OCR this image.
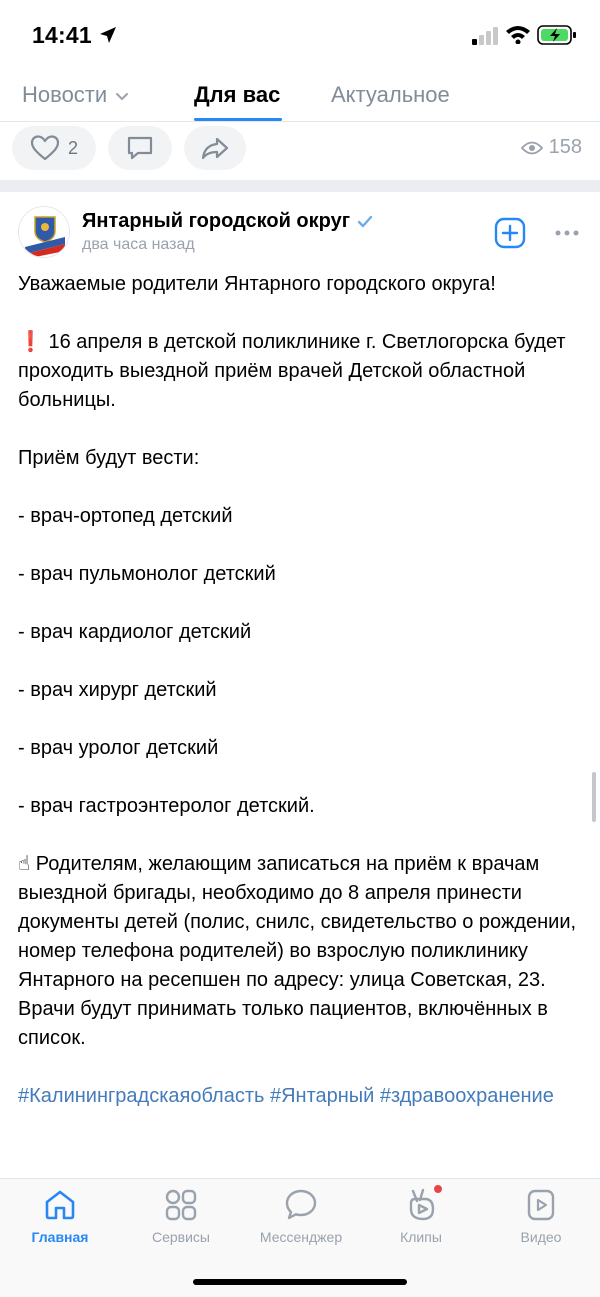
14:41
Новости	Для вас Актуальное
2	158
Янтарный городской округ
два часа назад

Уважаемые родители Янтарного городского округа!

❗ 16 апреля в детской поликлинике г. Светлогорска будет проходить выездной приём врачей Детской областной больницы.

Приём будут вести:

- врач-ортопед детский

- врач пульмонолог детский

- врач кардиолог детский

- врач хирург детский

- врач уролог детский

- врач гастроэнтеролог детский.

☝ Родителям, желающим записаться на приём к врачам выездной бригады, необходимо до 8 апреля принести документы детей (полис, снилс, свидетельство о рождении, номер телефона родителей) во взрослую поликлинику Янтарного на ресепшен по адресу: улица Советская, 23. Врачи будут принимать только пациентов, включённых в список.

#Калининградскаяобласть #Янтарный #здравоохранение

Главная	Сервисы	Мессенджер	Клипы	Видео
